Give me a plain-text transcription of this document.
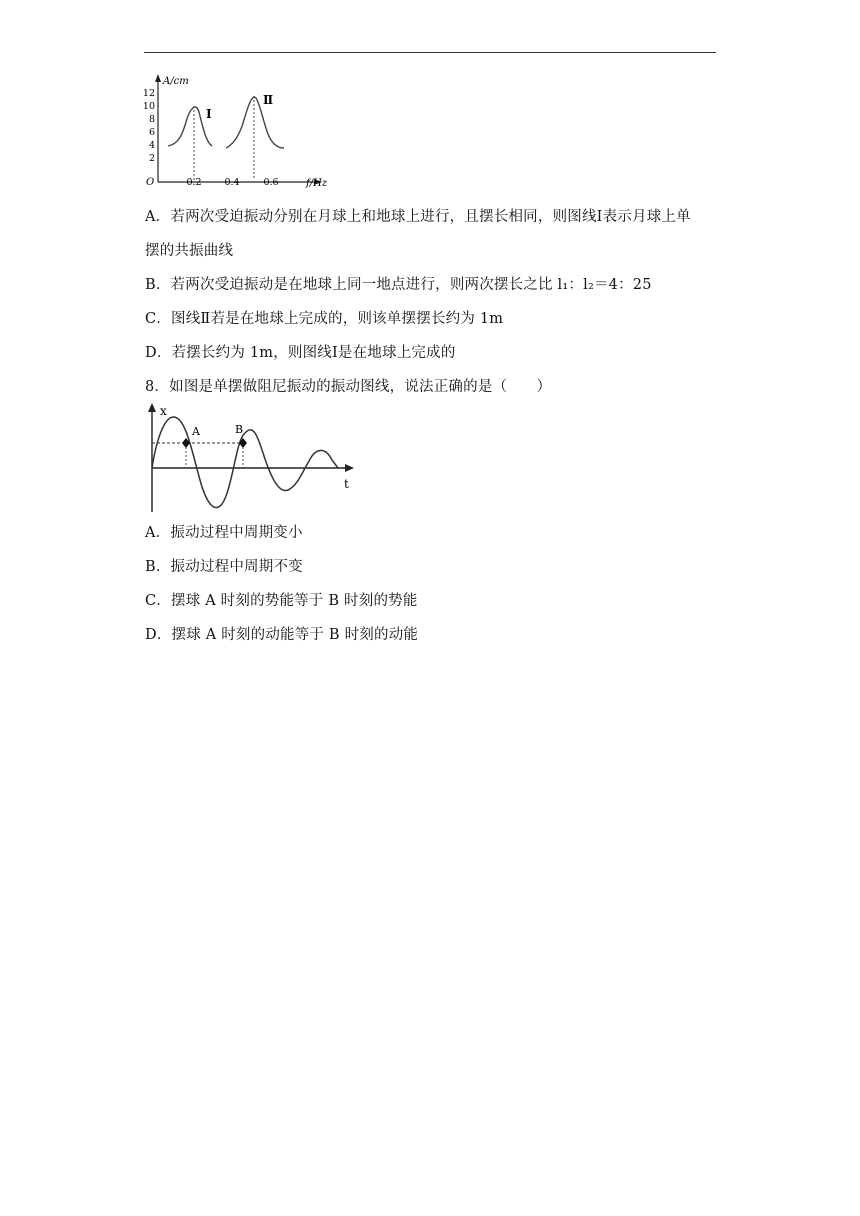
A/cm
f/Hz
O
12
10
8
6
4
2
0.2 0.4	0.6
Ⅰ
Ⅱ
A．若两次受迫振动分别在月球上和地球上进行，且摆长相同，则图线Ⅰ表示月球上单
摆的共振曲线
B．若两次受迫振动是在地球上同一地点进行，则两次摆长之比 l₁：l₂＝4：25
C．图线Ⅱ若是在地球上完成的，则该单摆摆长约为 1m
D．若摆长约为 1m，则图线Ⅰ是在地球上完成的
8．如图是单摆做阻尼振动的振动图线，说法正确的是（　　）
x
t
A	B
A．振动过程中周期变小
B．振动过程中周期不变
C．摆球 A 时刻的势能等于 B 时刻的势能
D．摆球 A 时刻的动能等于 B 时刻的动能
